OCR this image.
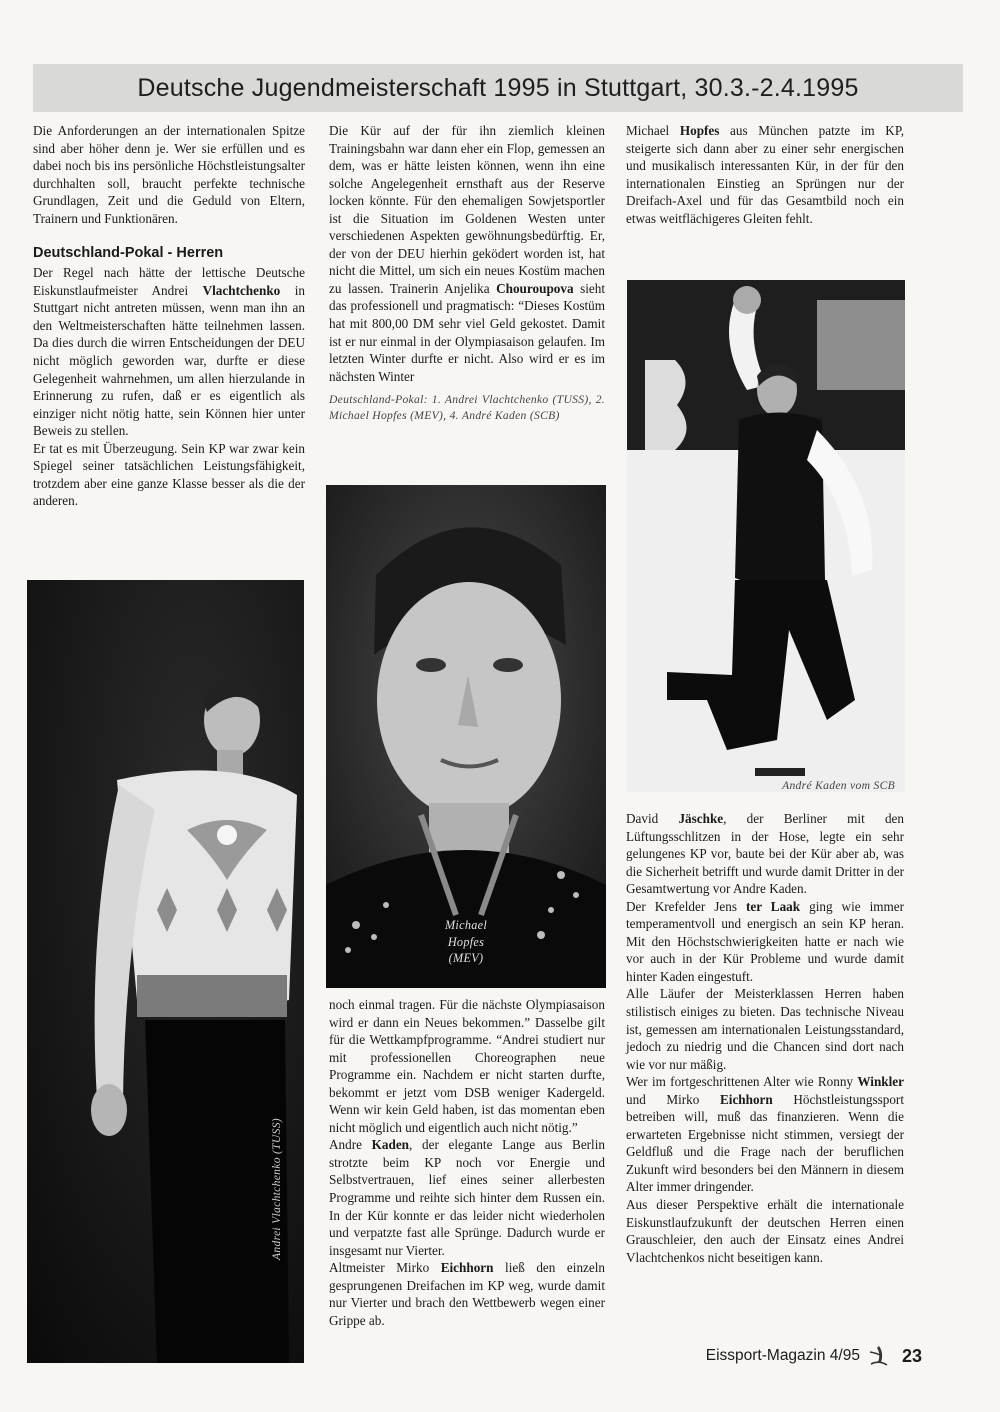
Deutsche Jugendmeisterschaft 1995 in Stuttgart, 30.3.-2.4.1995

Die Anforderungen an der internationalen Spitze sind aber höher denn je. Wer sie erfüllen und es dabei noch bis ins persönliche Höchstleistungsalter durchhalten soll, braucht perfekte technische Grundlagen, Zeit und die Geduld von Eltern, Trainern und Funktionären.

Deutschland-Pokal - Herren

Der Regel nach hätte der lettische Deutsche Eiskunstlaufmeister Andrei Vlachtchenko in Stuttgart nicht antreten müssen, wenn man ihn an den Weltmeisterschaften hätte teilnehmen lassen. Da dies durch die wirren Entscheidungen der DEU nicht möglich geworden war, durfte er diese Gelegenheit wahrnehmen, um allen hierzulande in Erinnerung zu rufen, daß er es eigentlich als einziger nicht nötig hatte, sein Können hier unter Beweis zu stellen.

Er tat es mit Überzeugung. Sein KP war zwar kein Spiegel seiner tatsächlichen Leistungsfähigkeit, trotzdem aber eine ganze Klasse besser als die der anderen.

Andrei Vlachtchenko (TUSS)

Die Kür auf der für ihn ziemlich kleinen Trainingsbahn war dann eher ein Flop, gemessen an dem, was er hätte leisten können, wenn ihn eine solche Angelegenheit ernsthaft aus der Reserve locken könnte. Für den ehemaligen Sowjetsportler ist die Situation im Goldenen Westen unter verschiedenen Aspekten gewöhnungsbedürftig. Er, der von der DEU hierhin geködert worden ist, hat nicht die Mittel, um sich ein neues Kostüm machen zu lassen. Trainerin Anjelika Chouroupova sieht das professionell und pragmatisch: “Dieses Kostüm hat mit 800,00 DM sehr viel Geld gekostet. Damit ist er nur einmal in der Olympiasaison gelaufen. Im letzten Winter durfte er nicht. Also wird er es im nächsten Winter

Deutschland-Pokal: 1. Andrei Vlachtchenko (TUSS), 2. Michael Hopfes (MEV), 4. André Kaden (SCB)

Michael
Hopfes
(MEV)

noch einmal tragen. Für die nächste Olympiasaison wird er dann ein Neues bekommen.” Dasselbe gilt für die Wettkampfprogramme. “Andrei studiert nur mit professionellen Choreographen neue Programme ein. Nachdem er nicht starten durfte, bekommt er jetzt vom DSB weniger Kadergeld. Wenn wir kein Geld haben, ist das momentan eben nicht möglich und eigentlich auch nicht nötig.”

Andre Kaden, der elegante Lange aus Berlin strotzte beim KP noch vor Energie und Selbstvertrauen, lief eines seiner allerbesten Programme und reihte sich hinter dem Russen ein. In der Kür konnte er das leider nicht wiederholen und verpatzte fast alle Sprünge. Dadurch wurde er insgesamt nur Vierter.

Altmeister Mirko Eichhorn ließ den einzeln gesprungenen Dreifachen im KP weg, wurde damit nur Vierter und brach den Wettbewerb wegen einer Grippe ab.

Michael Hopfes aus München patzte im KP, steigerte sich dann aber zu einer sehr energischen und musikalisch interessanten Kür, in der für den internationalen Einstieg an Sprüngen nur der Dreifach-Axel und für das Gesamtbild noch ein etwas weitflächigeres Gleiten fehlt.

André Kaden vom SCB

David Jäschke, der Berliner mit den Lüftungsschlitzen in der Hose, legte ein sehr gelungenes KP vor, baute bei der Kür aber ab, was die Sicherheit betrifft und wurde damit Dritter in der Gesamtwertung vor Andre Kaden.

Der Krefelder Jens ter Laak ging wie immer temperamentvoll und energisch an sein KP heran. Mit den Höchstschwierigkeiten hatte er nach wie vor auch in der Kür Probleme und wurde damit hinter Kaden eingestuft.

Alle Läufer der Meisterklassen Herren haben stilistisch einiges zu bieten. Das technische Niveau ist, gemessen am internationalen Leistungsstandard, jedoch zu niedrig und die Chancen sind dort nach wie vor nur mäßig.

Wer im fortgeschrittenen Alter wie Ronny Winkler und Mirko Eichhorn Höchstleistungssport betreiben will, muß das finanzieren. Wenn die erwarteten Ergebnisse nicht stimmen, versiegt der Geldfluß und die Frage nach der beruflichen Zukunft wird besonders bei den Männern in diesem Alter immer dringender.

Aus dieser Perspektive erhält die internationale Eiskunstlaufzukunft der deutschen Herren einen Grauschleier, den auch der Einsatz eines Andrei Vlachtchenkos nicht beseitigen kann.

Eissport-Magazin 4/95 23
